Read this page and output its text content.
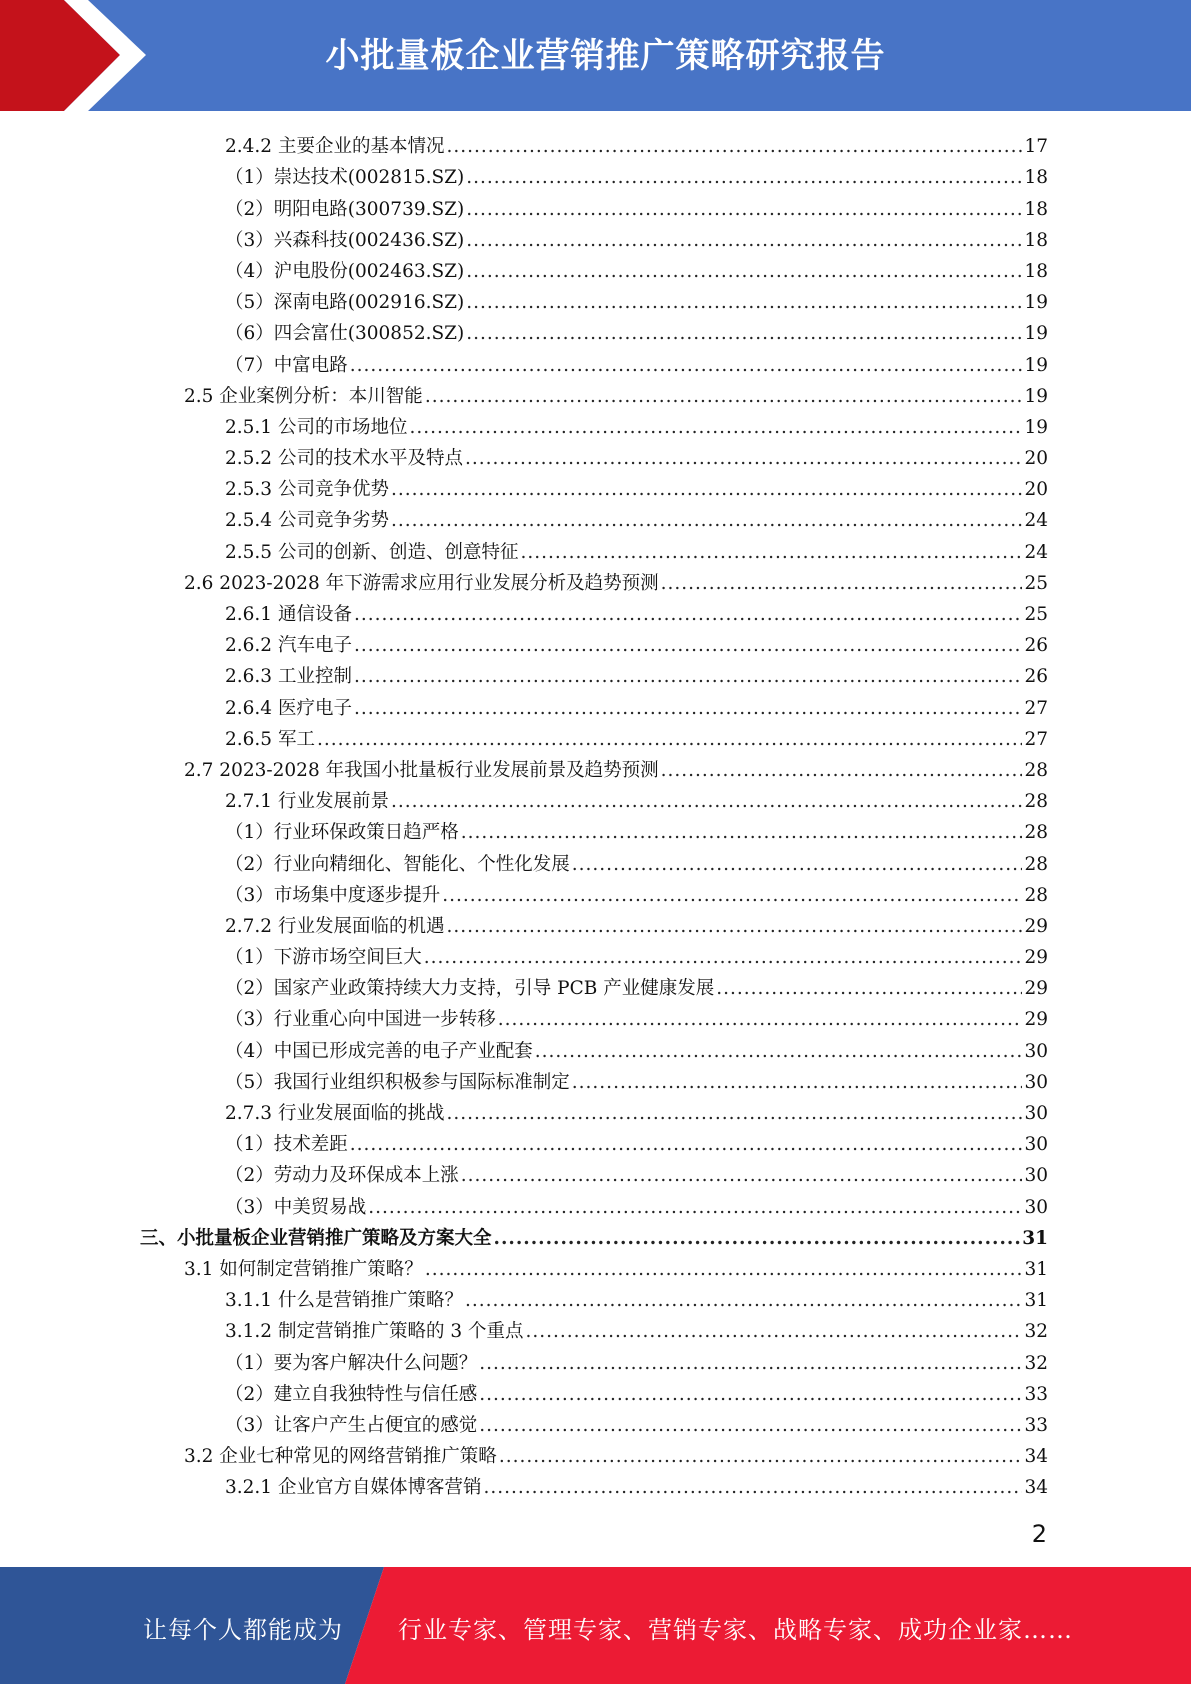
小批量板企业营销推广策略研究报告
2.4.2 主要企业的基本情况 .....	17
（1）崇达技术(002815.SZ) .....	18
（2）明阳电路(300739.SZ) .....	18
（3）兴森科技(002436.SZ) .....	18
（4）沪电股份(002463.SZ) .....	18
（5）深南电路(002916.SZ) .....	19
（6）四会富仕(300852.SZ) .....	19
（7）中富电路 .....	19
2.5 企业案例分析：本川智能 .....	19
2.5.1 公司的市场地位 .....	19
2.5.2 公司的技术水平及特点 .....	20
2.5.3 公司竞争优势 .....	20
2.5.4 公司竞争劣势 .....	24
2.5.5 公司的创新、创造、创意特征 .....	24
2.6 2023-2028 年下游需求应用行业发展分析及趋势预测 .....	25
2.6.1 通信设备 .....	25
2.6.2 汽车电子 .....	26
2.6.3 工业控制 .....	26
2.6.4 医疗电子 .....	27
2.6.5 军工 .....	27
2.7 2023-2028 年我国小批量板行业发展前景及趋势预测 .....	28
2.7.1 行业发展前景 .....	28
（1）行业环保政策日趋严格 .....	28
（2）行业向精细化、智能化、个性化发展 .....	28
（3）市场集中度逐步提升 .....	28
2.7.2 行业发展面临的机遇 .....	29
（1）下游市场空间巨大 .....	29
（2）国家产业政策持续大力支持，引导 PCB 产业健康发展 .....	29
（3）行业重心向中国进一步转移 .....	29
（4）中国已形成完善的电子产业配套 .....	30
（5）我国行业组织积极参与国际标准制定 .....	30
2.7.3 行业发展面临的挑战 .....	30
（1）技术差距 .....	30
（2）劳动力及环保成本上涨 .....	30
（3）中美贸易战 .....	30
三、小批量板企业营销推广策略及方案大全 .....	31
3.1 如何制定营销推广策略？ .....	31
3.1.1 什么是营销推广策略？ .....	31
3.1.2 制定营销推广策略的 3 个重点 .....	32
（1）要为客户解决什么问题？ .....	32
（2）建立自我独特性与信任感 .....	33
（3）让客户产生占便宜的感觉 .....	33
3.2 企业七种常见的网络营销推广策略 .....	34
3.2.1 企业官方自媒体博客营销 .....	34
2
让每个人都能成为 行业专家、管理专家、营销专家、战略专家、成功企业家……
